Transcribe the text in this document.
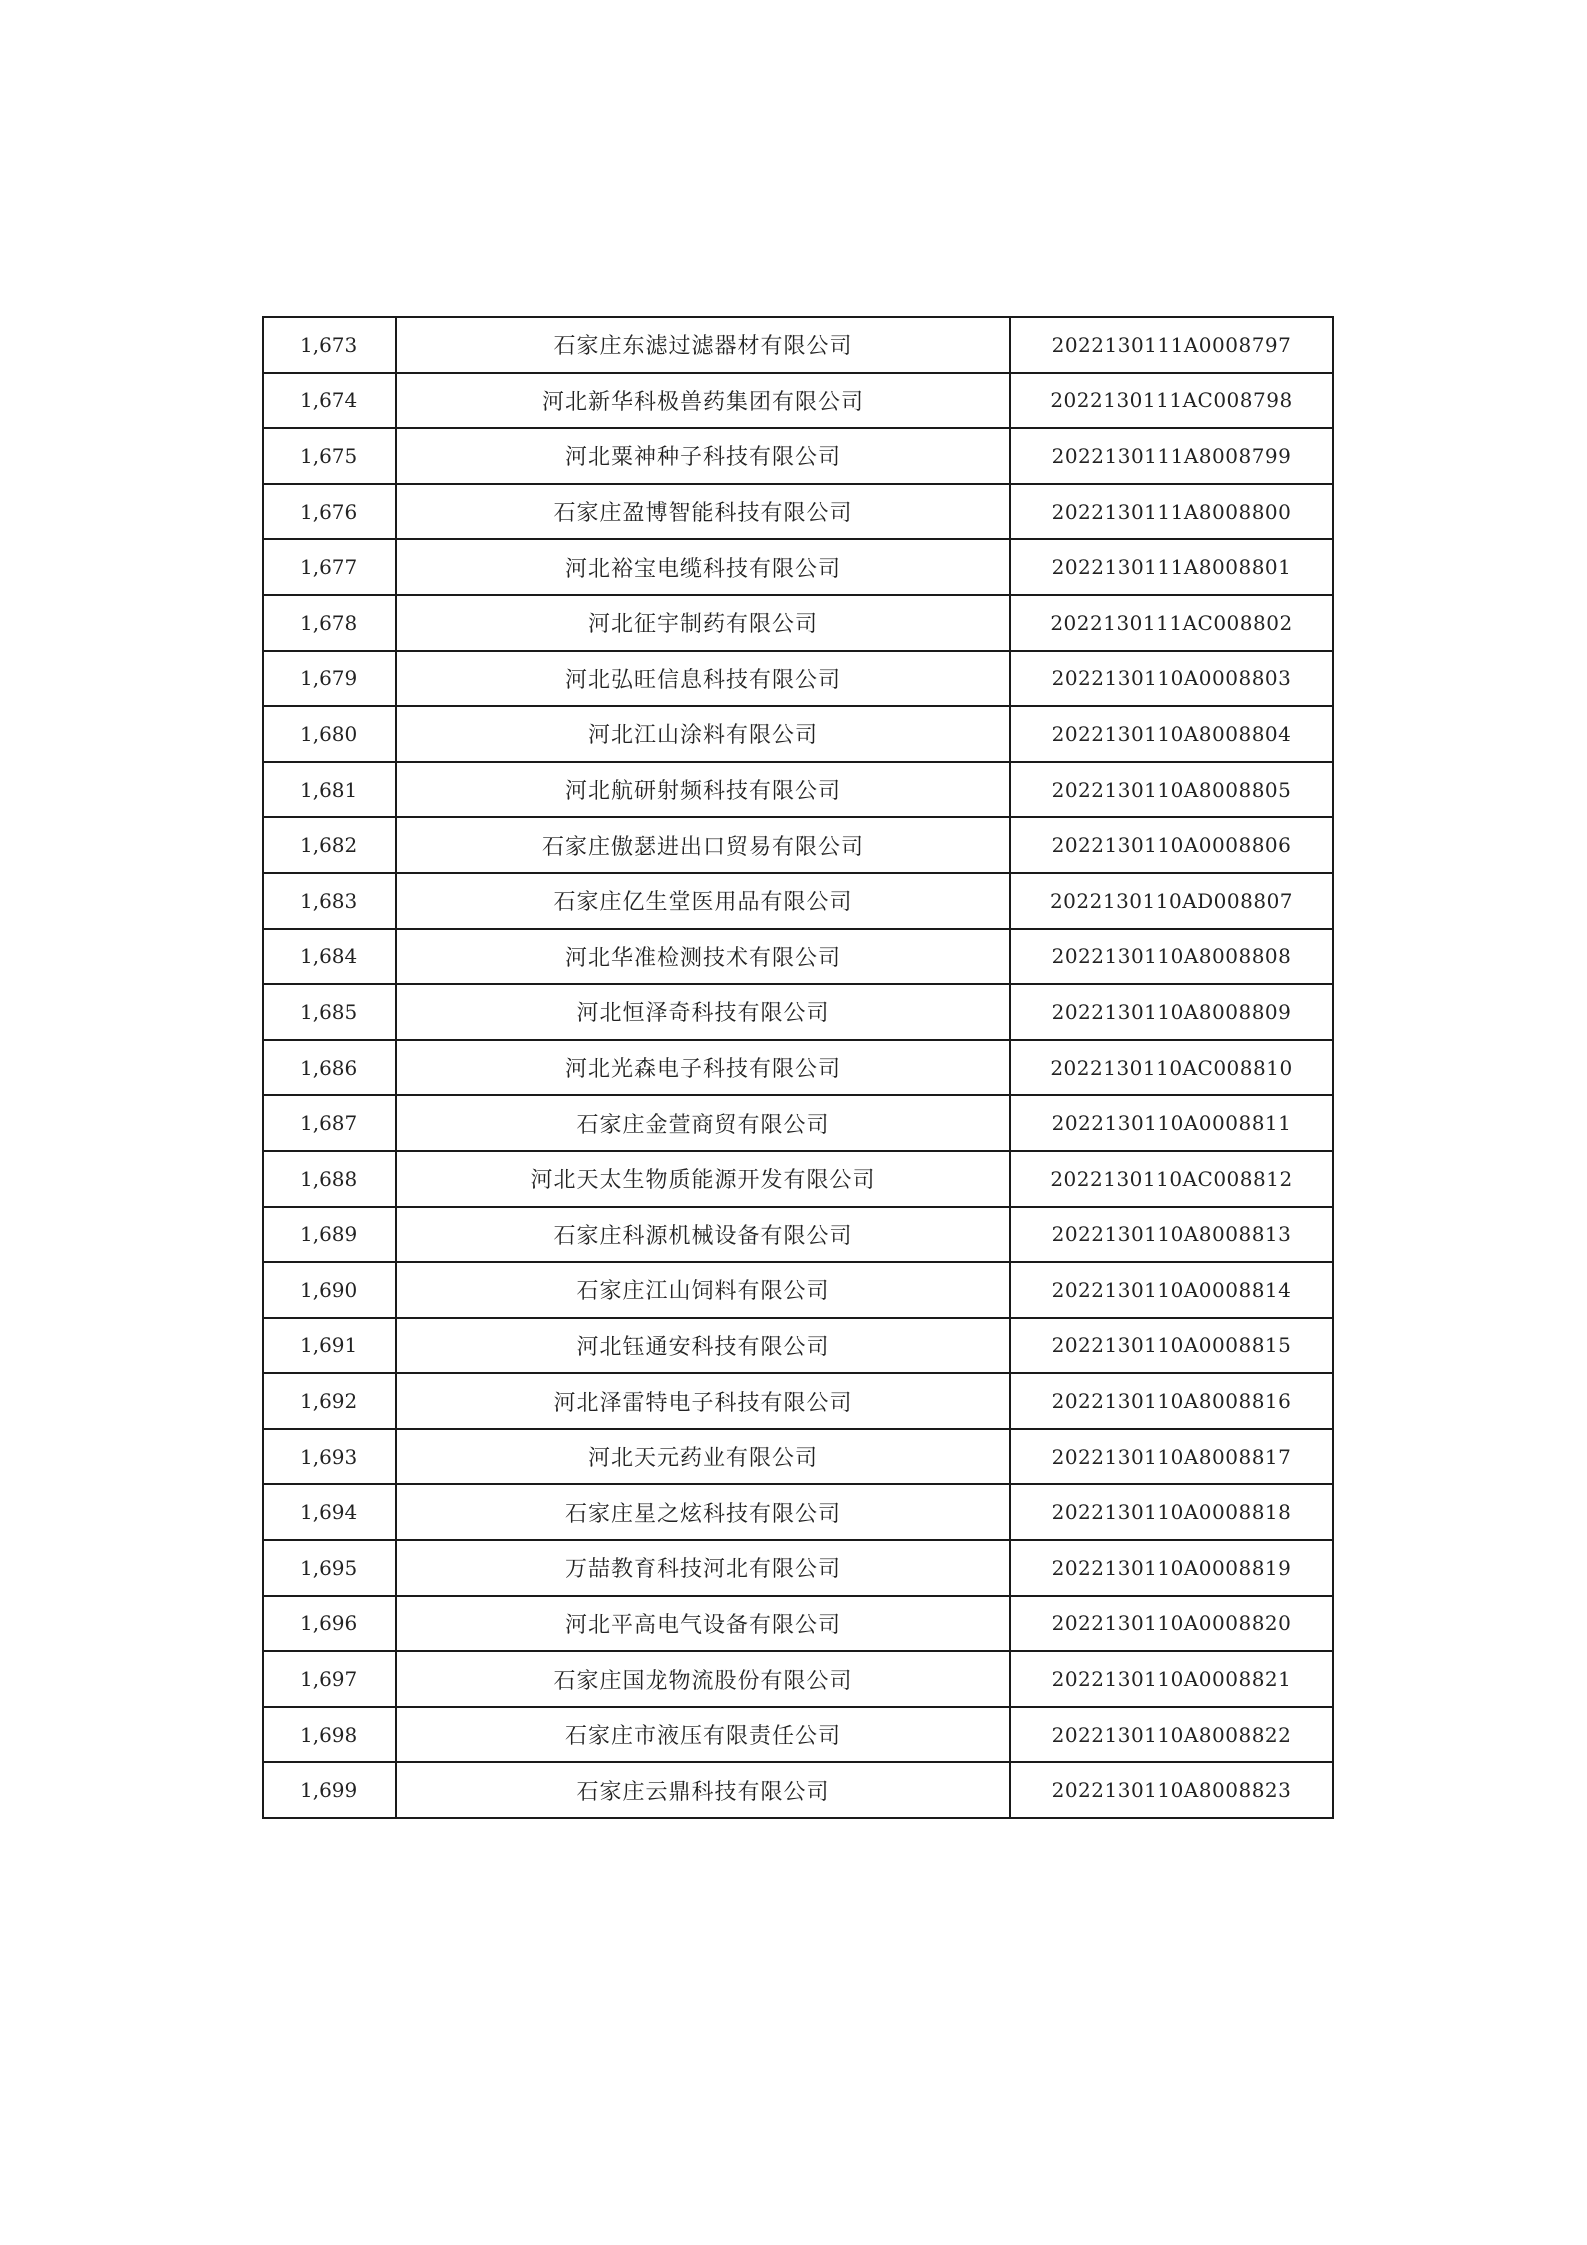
1,673	石家庄东滤过滤器材有限公司	2022130111A0008797
1,674	河北新华科极兽药集团有限公司	2022130111AC008798
1,675	河北粟神种子科技有限公司	2022130111A8008799
1,676	石家庄盈博智能科技有限公司	2022130111A8008800
1,677	河北裕宝电缆科技有限公司	2022130111A8008801
1,678	河北征宇制药有限公司	2022130111AC008802
1,679	河北弘旺信息科技有限公司	2022130110A0008803
1,680	河北江山涂料有限公司	2022130110A8008804
1,681	河北航研射频科技有限公司	2022130110A8008805
1,682	石家庄傲瑟进出口贸易有限公司	2022130110A0008806
1,683	石家庄亿生堂医用品有限公司	2022130110AD008807
1,684	河北华准检测技术有限公司	2022130110A8008808
1,685	河北恒泽奇科技有限公司	2022130110A8008809
1,686	河北光森电子科技有限公司	2022130110AC008810
1,687	石家庄金萱商贸有限公司	2022130110A0008811
1,688	河北天太生物质能源开发有限公司	2022130110AC008812
1,689	石家庄科源机械设备有限公司	2022130110A8008813
1,690	石家庄江山饲料有限公司	2022130110A0008814
1,691	河北钰通安科技有限公司	2022130110A0008815
1,692	河北泽雷特电子科技有限公司	2022130110A8008816
1,693	河北天元药业有限公司	2022130110A8008817
1,694	石家庄星之炫科技有限公司	2022130110A0008818
1,695	万喆教育科技河北有限公司	2022130110A0008819
1,696	河北平高电气设备有限公司	2022130110A0008820
1,697	石家庄国龙物流股份有限公司	2022130110A0008821
1,698	石家庄市液压有限责任公司	2022130110A8008822
1,699	石家庄云鼎科技有限公司	2022130110A8008823
